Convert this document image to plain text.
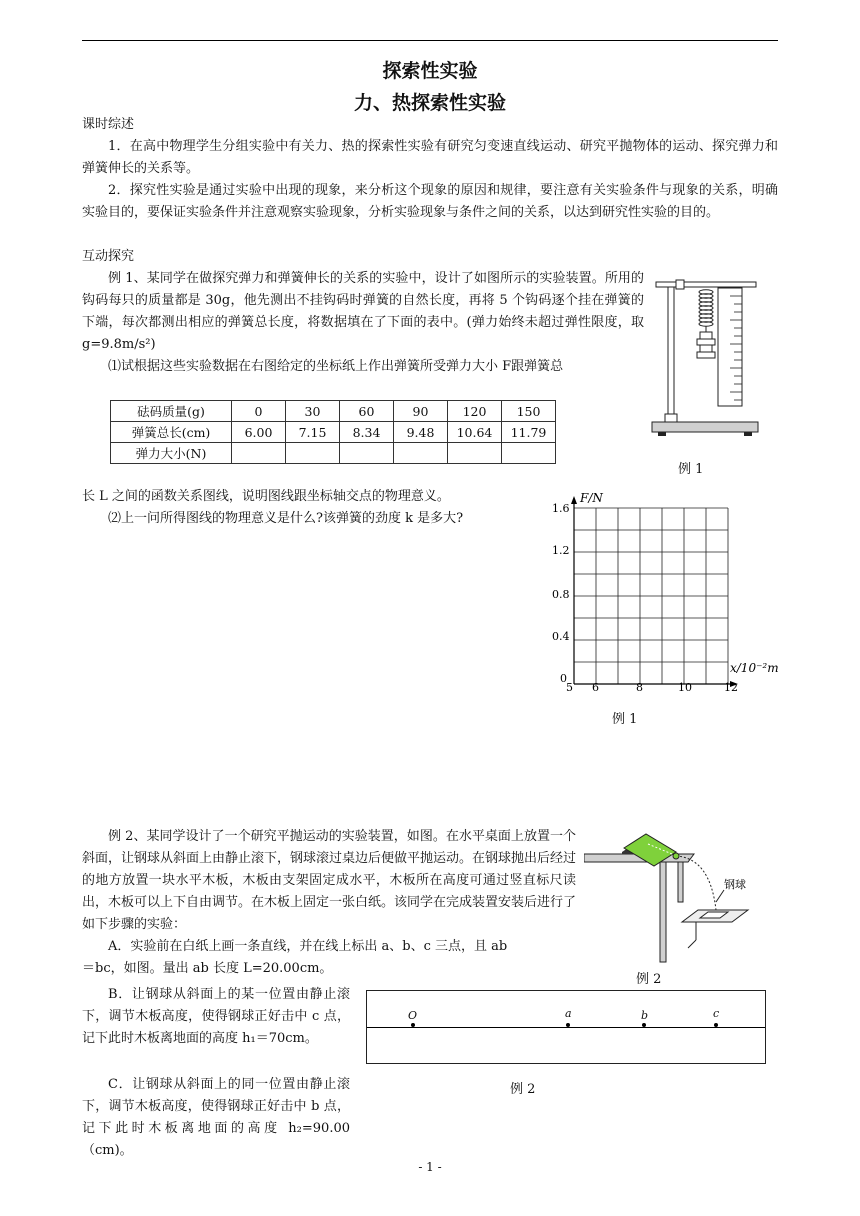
探索性实验
力、热探索性实验
课时综述
1．在高中物理学生分组实验中有关力、热的探索性实验有研究匀变速直线运动、研究平抛物体的运动、探究弹力和弹簧伸长的关系等。
2．探究性实验是通过实验中出现的现象，来分析这个现象的原因和规律，要注意有关实验条件与现象的关系，明确实验目的，要保证实验条件并注意观察实验现象，分析实验现象与条件之间的关系，以达到研究性实验的目的。
互动探究
例 1、某同学在做探究弹力和弹簧伸长的关系的实验中，设计了如图所示的实验装置。所用的钩码每只的质量都是 30g，他先测出不挂钩码时弹簧的自然长度，再将 5 个钩码逐个挂在弹簧的下端，每次都测出相应的弹簧总长度，将数据填在了下面的表中。(弹力始终未超过弹性限度，取 g=9.8m/s²)
⑴试根据这些实验数据在右图给定的坐标纸上作出弹簧所受弹力大小 F跟弹簧总
砝码质量(g)	0	30	60	90	120	150
弹簧总长(cm)	6.00	7.15	8.34	9.48	10.64	11.79
弹力大小(N)						
例 1
长 L 之间的函数关系图线，说明图线跟坐标轴交点的物理意义。
⑵上一问所得图线的物理意义是什么?该弹簧的劲度 k 是多大?
F/N
x/10⁻²m
1.6
1.2
0.8
0.4
0
5 6	8	10	12
例 1
例 2、某同学设计了一个研究平抛运动的实验装置，如图。在水平桌面上放置一个斜面，让钢球从斜面上由静止滚下，钢球滚过桌边后便做平抛运动。在钢球抛出后经过的地方放置一块水平木板，木板由支架固定成水平，木板所在高度可通过竖直标尺读出，木板可以上下自由调节。在木板上固定一张白纸。该同学在完成装置安装后进行了如下步骤的实验：
A．实验前在白纸上画一条直线，并在线上标出 a、b、c 三点，且 ab
＝bc，如图。量出 ab 长度 L=20.00cm。
B．让钢球从斜面上的某一位置由静止滚下，调节木板高度，使得钢球正好击中 c 点，记下此时木板离地面的高度 h₁＝70cm。
C．让钢球从斜面上的同一位置由静止滚下，调节木板高度，使得钢球正好击中 b 点，记下此时木板离地面的高度 h₂=90.00（cm)。
钢球
例 2
O	a	b	c
例 2
- 1 -
